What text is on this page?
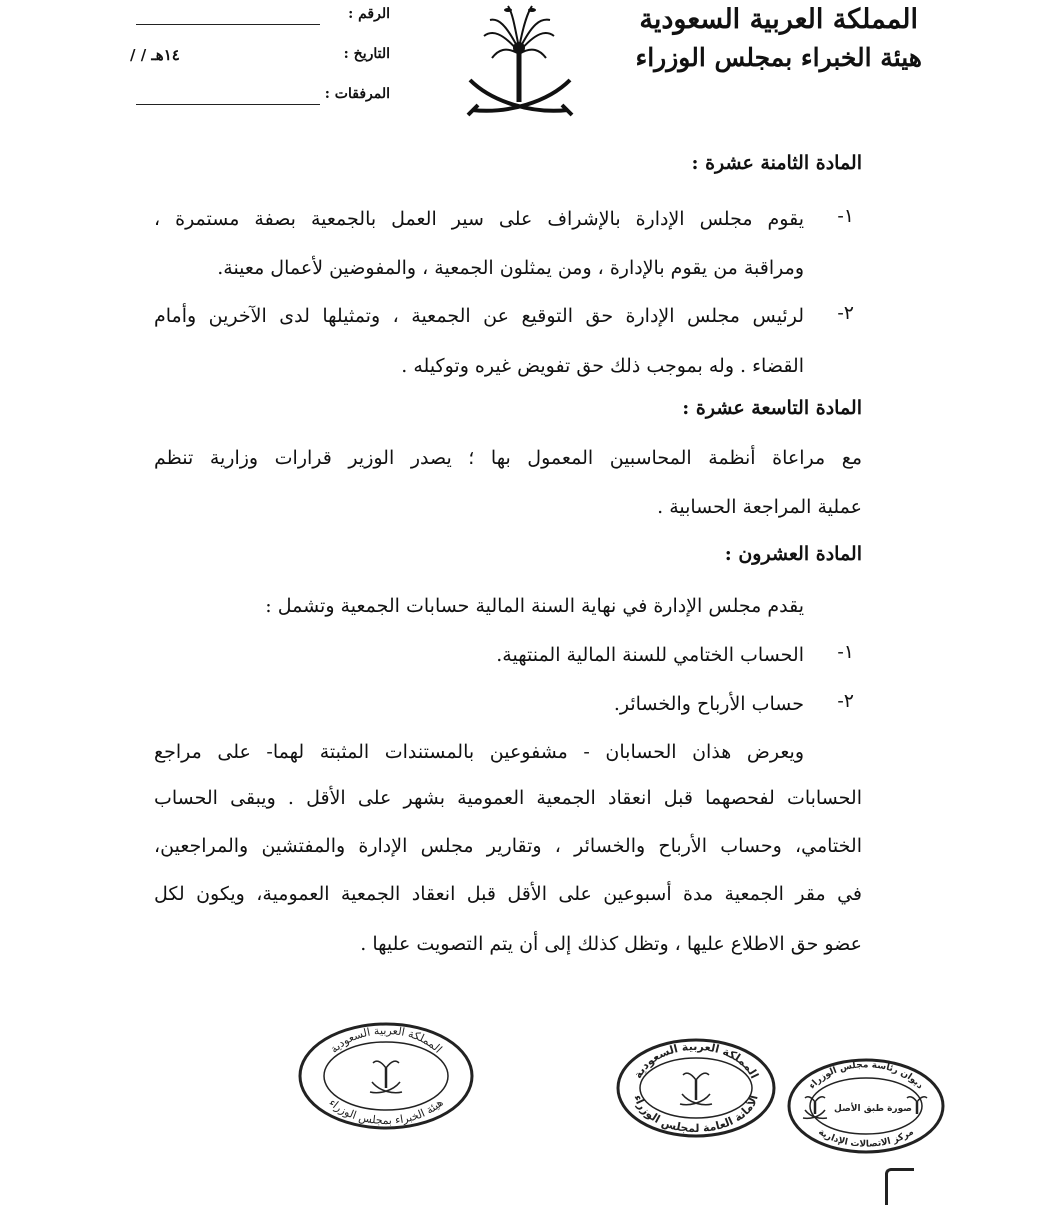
المملكة العربية السعودية
هيئة الخبراء بمجلس الوزراء
الرقم :
التاريخ :
/ / ١٤هـ
المرفقات :
المادة الثامنة عشرة :
١-
يقوم مجلس الإدارة بالإشراف على سير العمل بالجمعية بصفة مستمرة ،
ومراقبة من يقوم بالإدارة ، ومن يمثلون الجمعية ، والمفوضين لأعمال معينة.
٢-
لرئيس مجلس الإدارة حق التوقيع عن الجمعية ، وتمثيلها لدى الآخرين وأمام
القضاء . وله بموجب ذلك حق تفويض غيره وتوكيله .
المادة التاسعة عشرة :
مع مراعاة أنظمة المحاسبين المعمول بها ؛ يصدر الوزير قرارات وزارية تنظم
عملية المراجعة الحسابية .
المادة العشرون :
يقدم مجلس الإدارة في نهاية السنة المالية حسابات الجمعية وتشمل :
١-
الحساب الختامي للسنة المالية المنتهية.
٢-
حساب الأرباح والخسائر.
ويعرض هذان الحسابان - مشفوعين بالمستندات المثبتة لهما- على مراجع
الحسابات لفحصهما قبل انعقاد الجمعية العمومية بشهر على الأقل . ويبقى الحساب
الختامي، وحساب الأرباح والخسائر ، وتقارير مجلس الإدارة والمفتشين والمراجعين،
في مقر الجمعية مدة أسبوعين على الأقل قبل انعقاد الجمعية العمومية، ويكون لكل
عضو حق الاطلاع عليها ، وتظل كذلك إلى أن يتم التصويت عليها .
المملكة العربية السعودية
هيئة الخبراء بمجلس الوزراء
المملكة العربية السعودية
الأمانة العامة لمجلس الوزراء
ديوان رئاسة مجلس الوزراء
مركز الاتصالات الإدارية
صورة طبق الأصل
